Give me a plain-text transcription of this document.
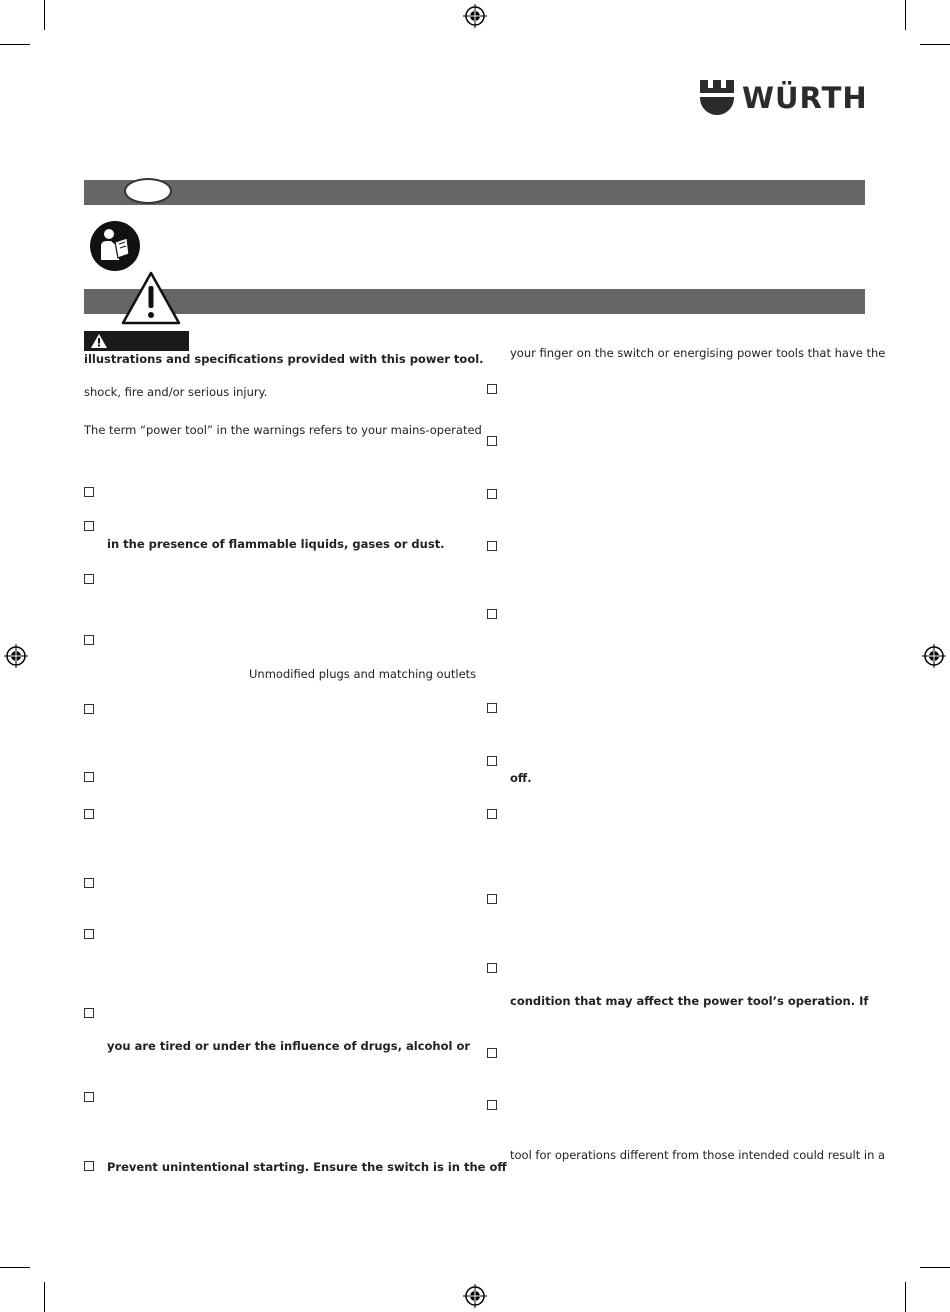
WÜRTH
illustrations and specifications provided with this power tool.
shock, fire and/or serious injury.
The term “power tool” in the warnings refers to your mains-operated
in the presence of flammable liquids, gases or dust.
Unmodified plugs and matching outlets
you are tired or under the influence of drugs, alcohol or
Prevent unintentional starting. Ensure the switch is in the off
your finger on the switch or energising power tools that have the
off.
condition that may affect the power tool’s operation. If
tool for operations different from those intended could result in a
